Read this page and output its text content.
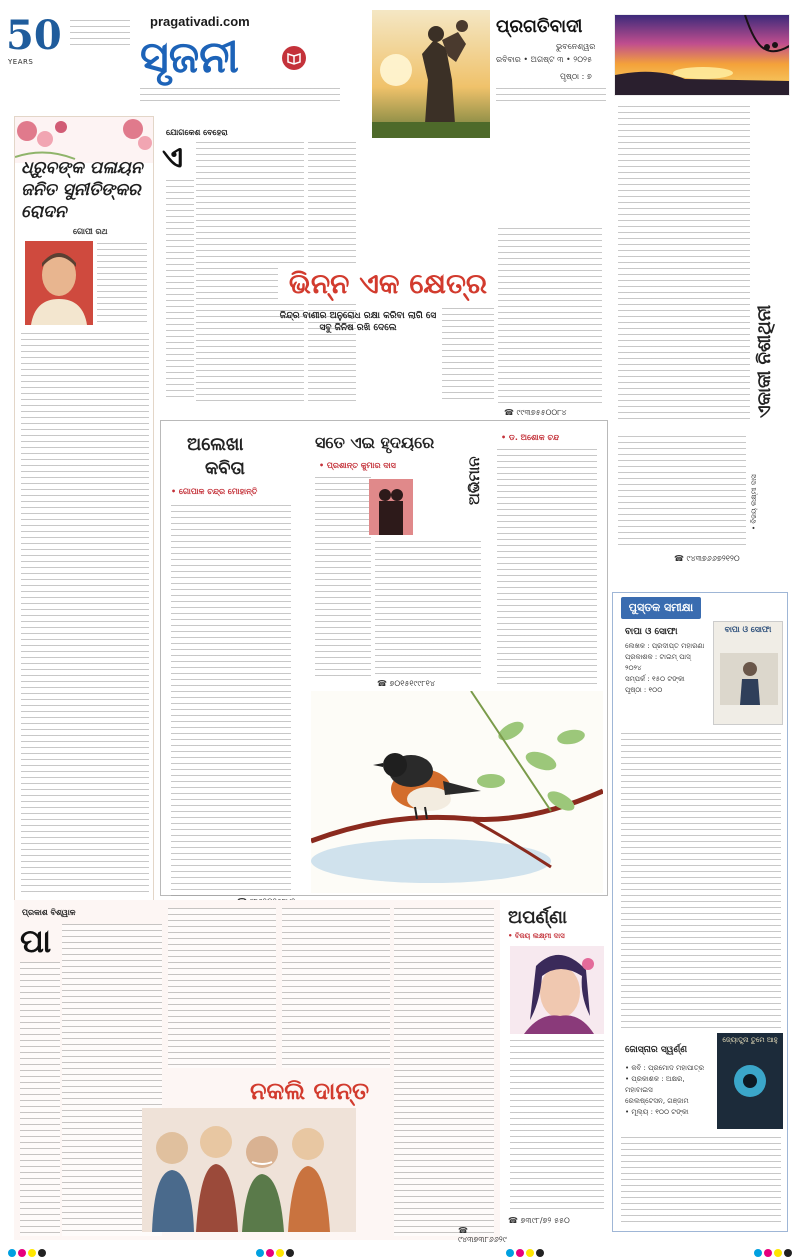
50
YEARS
pragativadi.com
ସୃଜନୀ
ପ୍ରଗତିବାଦୀ
ଭୁବନେଶ୍ୱର
ରବିବାର • ଅଗଷ୍ଟ ୩ • ୨୦୨୫
ପୃଷ୍ଠା : ୭
ଧ୍ରୁବଙ୍କ ପଳାୟନ
ଜନିତ ସୁନୀତିଙ୍କର
ରୋଦନ
ଗୋପୀ ରଥ
ଯୋଗକେଶ ବେହେରା
ଏ
ଭିନ୍ନ ଏକ କ୍ଷେତ୍ର
ଜିନ୍ଦ୍ର ବାଣୀର ଅନୁରୋଧ ରକ୍ଷା କରିବା ଲାଗି ସେ ସବୁ ଜିନିଷ ରଖି ଦେଲେ
☎ ୯୯୩୭୫୫୦୦୮୪	ଏକାକୀ ନିଶୀଥିନୀ
• ବିଜୟ ଲକ୍ଷ୍ମୀ ଦାସ
☎ ୯୪୩୭୬୬୭୨୧୨୦
ଅଲେଖା
କବିତା
• ଗୋପାଳ ଚନ୍ଦ୍ର ମୋହାନ୍ତି
ସତେ ଏଇ ହୃଦୟରେ
• ପ୍ରଶାନ୍ତ କୁମାର ଦାସ
☎ ୭୦୧୫୧୯୯୮୧୪
• ଡ. ଅଶୋକ ଚନ୍ଦ
ଅଭିମାନ
ପୁସ୍ତକ ସମୀକ୍ଷା
ବାପା ଓ ସୋଫା
ଲେଖକ : ପ୍ରଦୀପ୍ତ ମହାରଣା
ପ୍ରକାଶକ : ଟାଇମ୍ ପାସ୍
୨୦୨୪
ସମ୍ପର୍କ : ୧୫୦ ଟଙ୍କା
ପୃଷ୍ଠା : ୧୦୦
ବାପା ଓ ସୋଫା
ଜୋସ୍ନାର ସ୍ୱର୍ଣ୍ଣ
• କବି : ପ୍ରମୋଦ ମହାପାତ୍ର
• ପ୍ରକାଶକ : ଅକ୍ଷର, ମହାବାଇସ
ରେଲଷ୍ଟେସନ, ଗଞ୍ଜାମ
• ମୂଲ୍ୟ : ୧୦୦ ଟଙ୍କା
ଜ୍ୟୋତ୍ସ୍ନା ତୁମେ ଆହୁ
ପ୍ରକାଶ ବିଶ୍ୱାଳ
ପା
ନକଲି ଦାନ୍ତ
☎ ୯୪୩୭୩୮୬୬୨୯
ଅପର୍ଣ୍ଣା
• ବିଜୟ ଲକ୍ଷ୍ମୀ ଦାସ
☎ ୭୩୯୮/୭୨ ୫୫୦
